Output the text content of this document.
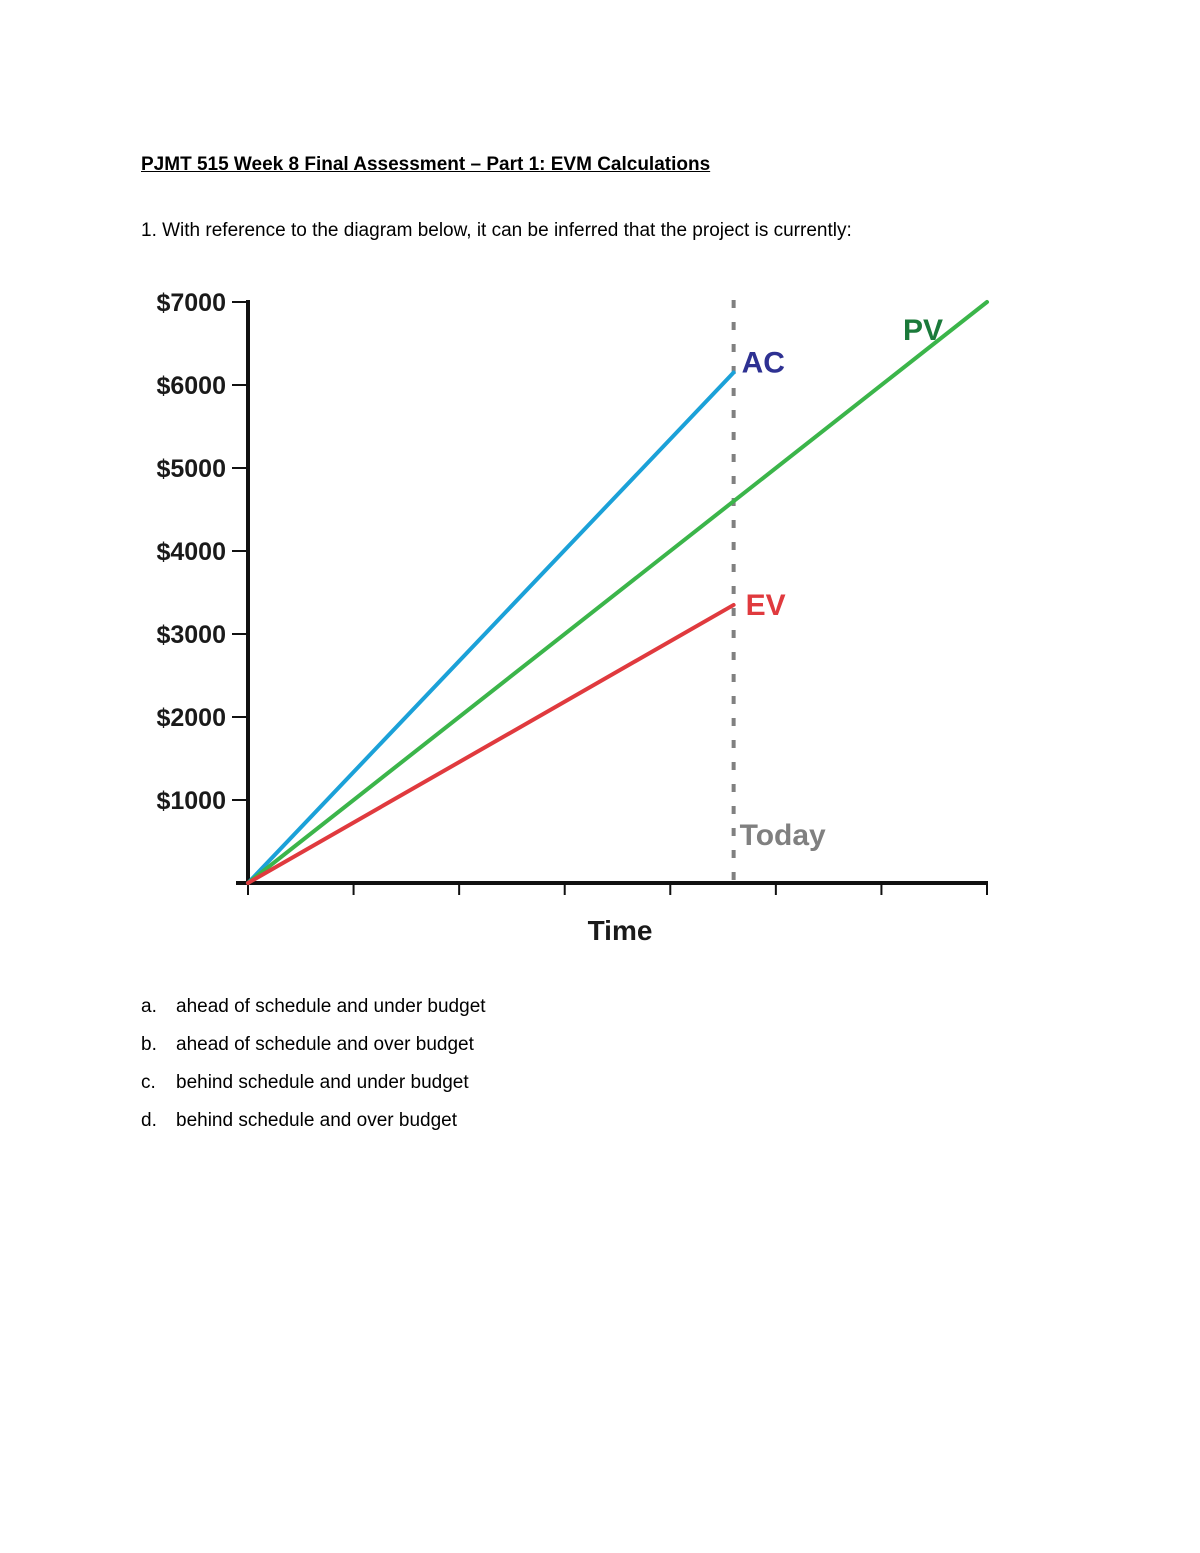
PJMT 515 Week 8 Final Assessment – Part 1: EVM Calculations

1. With reference to the diagram below, it can be inferred that the project is currently:

$1000
$2000
$3000
$4000
$5000
$6000
$7000
Today
AC
PV
EV
Time
a.	ahead of schedule and under budget
b.	ahead of schedule and over budget
c.	behind schedule and under budget
d.	behind schedule and over budget
